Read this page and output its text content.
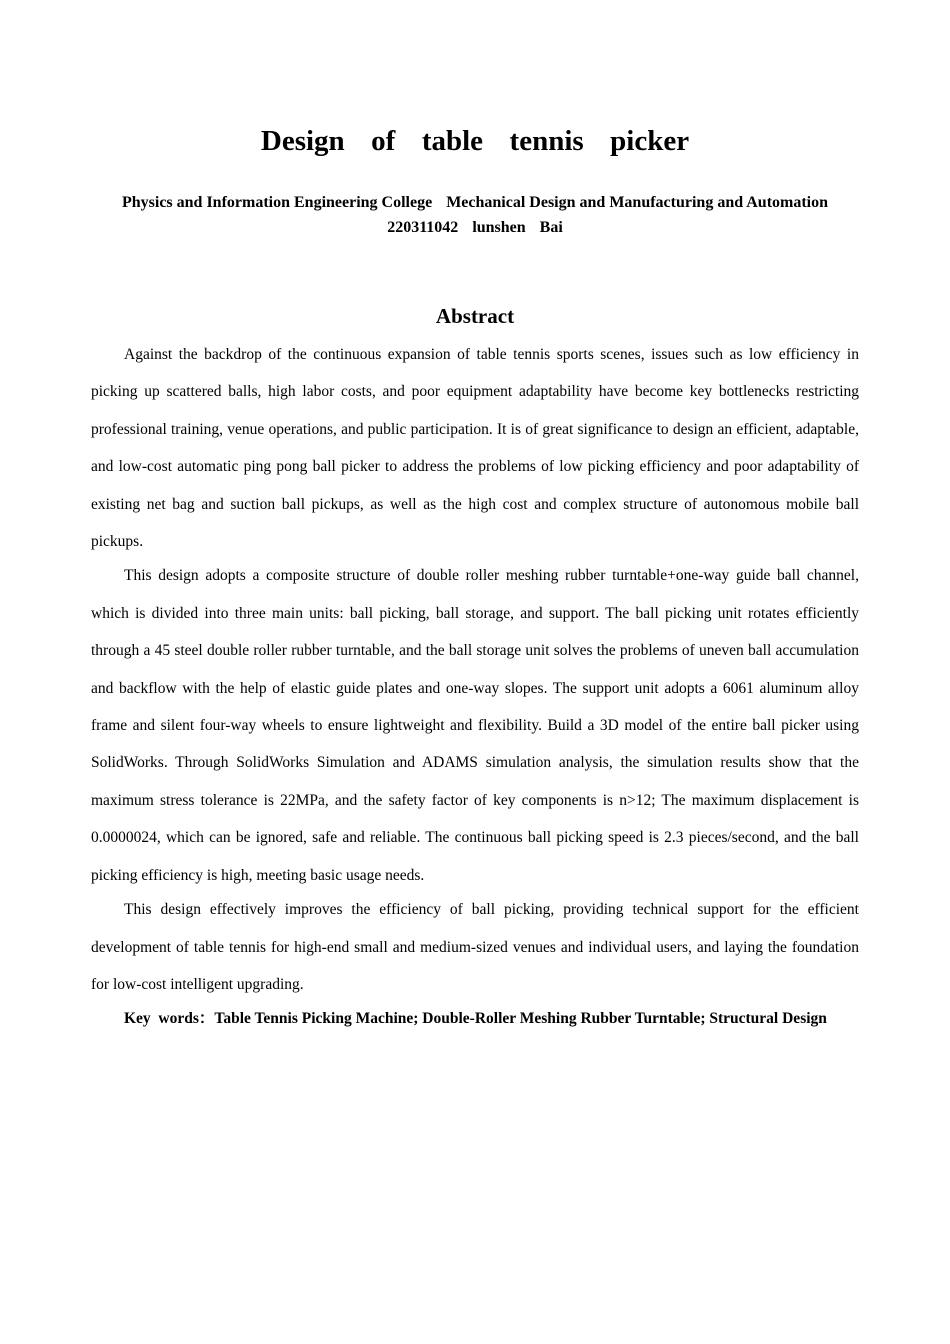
Design  of  table  tennis  picker
Physics and Information Engineering College Mechanical Design and Manufacturing and Automation
220311042 lunshen  Bai
Abstract

Against the backdrop of the continuous expansion of table tennis sports scenes, issues such as low efficiency in picking up scattered balls, high labor costs, and poor equipment adaptability have become key bottlenecks restricting professional training, venue operations, and public participation. It is of great significance to design an efficient, adaptable, and low-cost automatic ping pong ball picker to address the problems of low picking efficiency and poor adaptability of existing net bag and suction ball pickups, as well as the high cost and complex structure of autonomous mobile ball pickups.

This design adopts a composite structure of double roller meshing rubber turntable+one-way guide ball channel, which is divided into three main units: ball picking, ball storage, and support. The ball picking unit rotates efficiently through a 45 steel double roller rubber turntable, and the ball storage unit solves the problems of uneven ball accumulation and backflow with the help of elastic guide plates and one-way slopes. The support unit adopts a 6061 aluminum alloy frame and silent four-way wheels to ensure lightweight and flexibility. Build a 3D model of the entire ball picker using SolidWorks. Through SolidWorks Simulation and ADAMS simulation analysis, the simulation results show that the maximum stress tolerance is 22MPa, and the safety factor of key components is n>12; The maximum displacement is 0.0000024, which can be ignored, safe and reliable. The continuous ball picking speed is 2.3 pieces/second, and the ball picking efficiency is high, meeting basic usage needs.

This design effectively improves the efficiency of ball picking, providing technical support for the efficient development of table tennis for high-end small and medium-sized venues and individual users, and laying the foundation for low-cost intelligent upgrading.

Key  words：Table Tennis Picking Machine; Double-Roller Meshing Rubber Turntable; Structural Design
